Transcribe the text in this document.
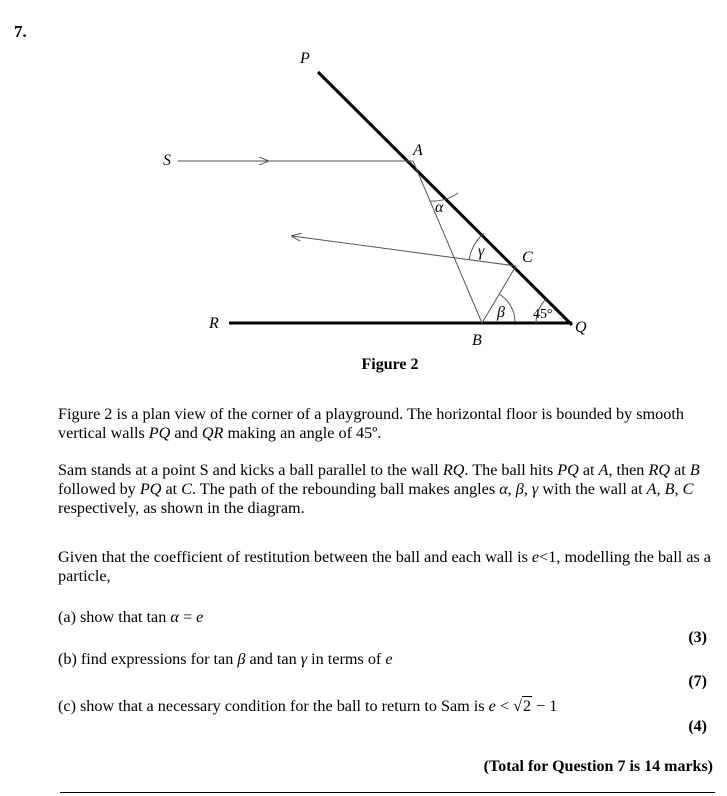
7.
P
A
S
C
R	Q
B
α
γ
β 45°
Figure 2
Figure 2 is a plan view of the corner of a playground. The horizontal floor is bounded by smooth vertical walls PQ and QR making an angle of 45º.
Sam stands at a point S and kicks a ball parallel to the wall RQ. The ball hits PQ at A, then RQ at B followed by PQ at C. The path of the rebounding ball makes angles α, β, γ with the wall at A, B, C respectively, as shown in the diagram.
Given that the coefficient of restitution between the ball and each wall is e<1, modelling the ball as a particle,
(a) show that tan α = e
(3)
(b) find expressions for tan β and tan γ in terms of e
(7)
(c) show that a necessary condition for the ball to return to Sam is e < √2 − 1
(4)
(Total for Question 7 is 14 marks)
